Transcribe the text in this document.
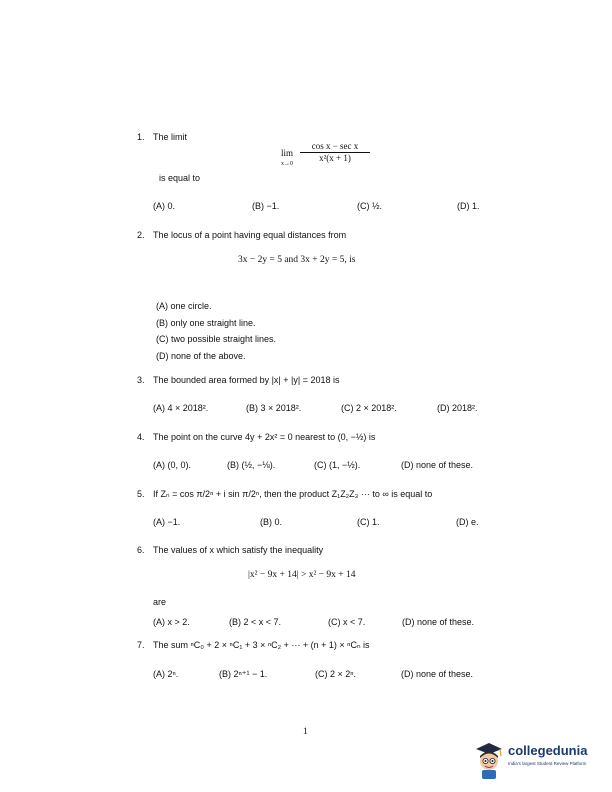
1. The limit
lim
x→0
cos x − sec x
x²(x + 1)
is equal to
(A) 0.	(B) −1.	(C) ½.	(D) 1.
2. The locus of a point having equal distances from
3x − 2y = 5 and 3x + 2y = 5, is
(A) one circle.
(B) only one straight line.
(C) two possible straight lines.
(D) none of the above.
3. The bounded area formed by |x| + |y| = 2018 is
(A) 4 × 2018².	(B) 3 × 2018².	(C) 2 × 2018².	(D) 2018².
4. The point on the curve 4y + 2x² = 0 nearest to (0, −½) is
(A) (0, 0).	(B) (½, −⅛).	(C) (1, −½).	(D) none of these.
5. If Zₙ = cos π/2ⁿ + i sin π/2ⁿ, then the product Z₁Z₂Z₃ ··· to ∞ is equal to
(A) −1.	(B) 0.	(C) 1.	(D) e.
6. The values of x which satisfy the inequality
|x² − 9x + 14| > x² − 9x + 14
are
(A) x > 2.	(B) 2 < x < 7.	(C) x < 7.	(D) none of these.
7. The sum ⁿC₀ + 2 × ⁿC₁ + 3 × ⁿC₂ + ··· + (n + 1) × ⁿCₙ is
(A) 2ⁿ.	(B) 2ⁿ⁺¹ − 1.	(C) 2 × 2ⁿ.	(D) none of these.
1
collegedunia
India's largest Student Review Platform
